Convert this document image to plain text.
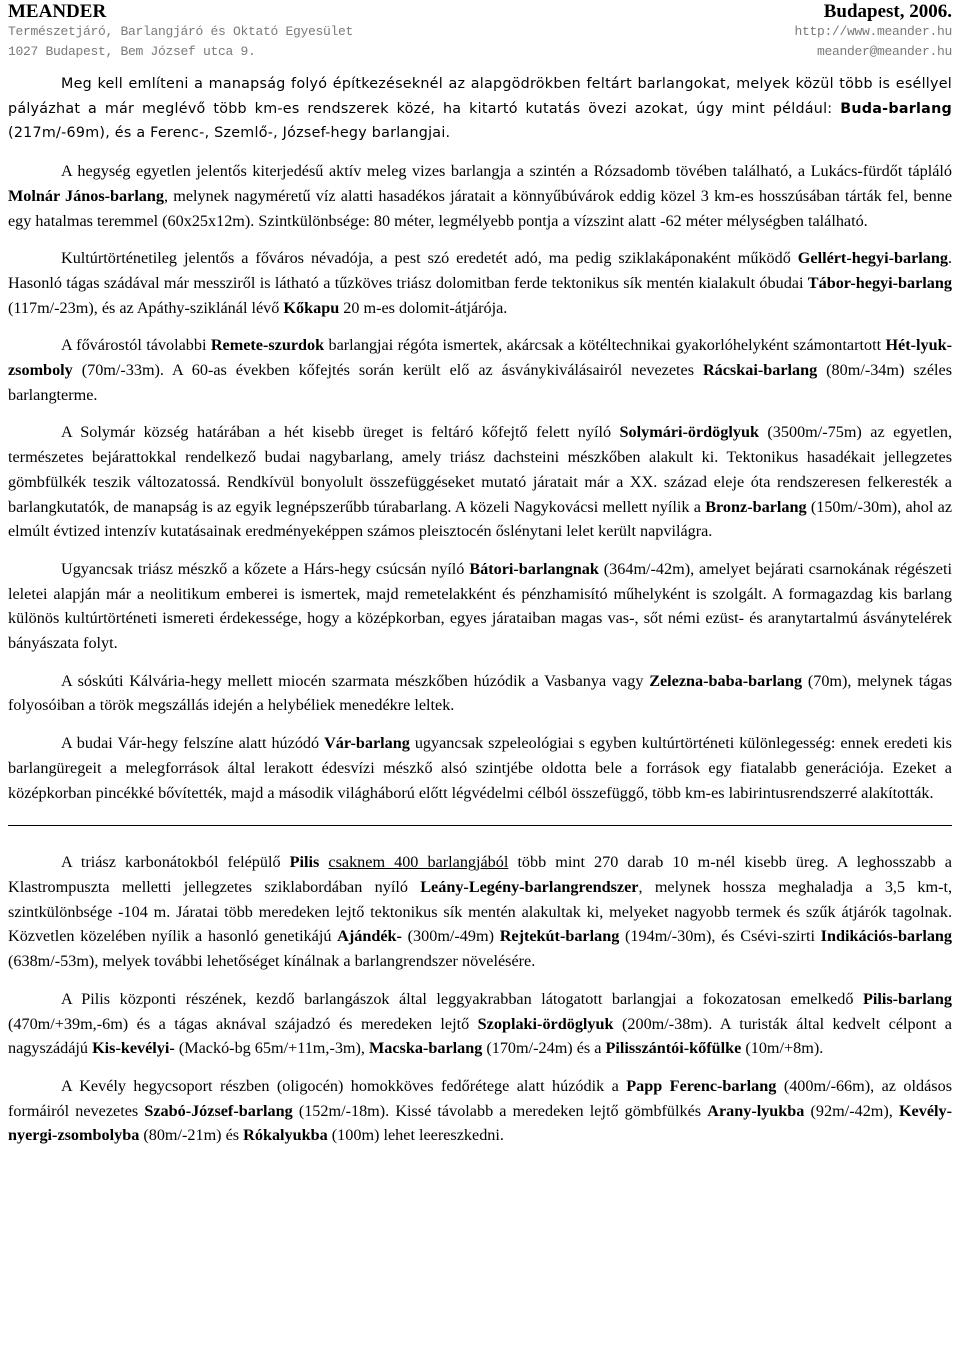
MEANDER
Természetjáró, Barlangjáró és Oktató Egyesület
1027 Budapest, Bem József utca 9.
Budapest, 2006.
http://www.meander.hu
meander@meander.hu

Meg kell említeni a manapság folyó építkezéseknél az alapgödrökben feltárt barlangokat, melyek közül több is eséllyel pályázhat a már meglévő több km-es rendszerek közé, ha kitartó kutatás övezi azokat, úgy mint például: Buda-barlang (217m/-69m), és a Ferenc-, Szemlő-, József-hegy barlangjai.

A hegység egyetlen jelentős kiterjedésű aktív meleg vizes barlangja a szintén a Rózsadomb tövében található, a Lukács-fürdőt tápláló Molnár János-barlang, melynek nagyméretű víz alatti hasadékos járatait a könnyűbúvárok eddig közel 3 km-es hosszúsában tárták fel, benne egy hatalmas teremmel (60x25x12m). Szintkülönbsége: 80 méter, legmélyebb pontja a vízszint alatt -62 méter mélységben található.

Kultúrtörténetileg jelentős a főváros névadója, a pest szó eredetét adó, ma pedig sziklakáponaként működő Gellért-hegyi-barlang. Hasonló tágas szádával már messziről is látható a tűzköves triász dolomitban ferde tektonikus sík mentén kialakult óbudai Tábor-hegyi-barlang (117m/-23m), és az Apáthy-sziklánál lévő Kőkapu 20 m-es dolomit-átjárója.

A fővárostól távolabbi Remete-szurdok barlangjai régóta ismertek, akárcsak a kötéltechnikai gyakorlóhelyként számontartott Hét-lyuk-zsomboly (70m/-33m). A 60-as években kőfejtés során került elő az ásványkiválásairól nevezetes Rácskai-barlang (80m/-34m) széles barlangterme.

A Solymár község határában a hét kisebb üreget is feltáró kőfejtő felett nyíló Solymári-ördöglyuk (3500m/-75m) az egyetlen, természetes bejárattokkal rendelkező budai nagybarlang, amely triász dachsteini mészkőben alakult ki. Tektonikus hasadékait jellegzetes gömbfülkék teszik változatossá. Rendkívül bonyolult összefüggéseket mutató járatait már a XX. század eleje óta rendszeresen felkeresték a barlangkutatók, de manapság is az egyik legnépszerűbb túrabarlang. A közeli Nagykovácsi mellett nyílik a Bronz-barlang (150m/-30m), ahol az elmúlt évtized intenzív kutatásainak eredményeképpen számos pleisztocén őslénytani lelet került napvilágra.

Ugyancsak triász mészkő a kőzete a Hárs-hegy csúcsán nyíló Bátori-barlangnak (364m/-42m), amelyet bejárati csarnokának régészeti leletei alapján már a neolitikum emberei is ismertek, majd remetelakként és pénzhamisító műhelyként is szolgált. A formagazdag kis barlang különös kultúrtörténeti ismereti érdekessége, hogy a középkorban, egyes járataiban magas vas-, sőt némi ezüst- és aranytartalmú ásványtelérek bányászata folyt.

A sóskúti Kálvária-hegy mellett miocén szarmata mészkőben húzódik a Vasbanya vagy Zelezna-baba-barlang (70m), melynek tágas folyosóiban a török megszállás idején a helybéliek menedékre leltek.

A budai Vár-hegy felszíne alatt húzódó Vár-barlang ugyancsak szpeleológiai s egyben kultúrtörténeti különlegesség: ennek eredeti kis barlangüregeit a melegforrások által lerakott édesvízi mészkő alsó szintjébe oldotta bele a források egy fiatalabb generációja. Ezeket a középkorban pincékké bővítették, majd a második világháború előtt légvédelmi célból összefüggő, több km-es labirintusrendszerré alakították.

A triász karbonátokból felépülő Pilis csaknem 400 barlangjából több mint 270 darab 10 m-nél kisebb üreg. A leghosszabb a Klastrompuszta melletti jellegzetes sziklabordában nyíló Leány-Legény-barlangrendszer, melynek hossza meghaladja a 3,5 km-t, szintkülönbsége -104 m. Járatai több meredeken lejtő tektonikus sík mentén alakultak ki, melyeket nagyobb termek és szűk átjárók tagolnak. Közvetlen közelében nyílik a hasonló genetikájú Ajándék- (300m/-49m) Rejtekút-barlang (194m/-30m), és Csévi-szirti Indikációs-barlang (638m/-53m), melyek további lehetőséget kínálnak a barlangrendszer növelésére.

A Pilis központi részének, kezdő barlangászok által leggyakrabban látogatott barlangjai a fokozatosan emelkedő Pilis-barlang (470m/+39m,-6m) és a tágas aknával szájadzó és meredeken lejtő Szoplaki-ördöglyuk (200m/-38m). A turisták által kedvelt célpont a nagyszádájú Kis-kevélyi- (Mackó-bg 65m/+11m,-3m), Macska-barlang (170m/-24m) és a Pilisszántói-kőfülke (10m/+8m).

A Kevély hegycsoport részben (oligocén) homokköves fedőrétege alatt húzódik a Papp Ferenc-barlang (400m/-66m), az oldásos formáiról nevezetes Szabó-József-barlang (152m/-18m). Kissé távolabb a meredeken lejtő gömbfülkés Arany-lyukba (92m/-42m), Kevély-nyergi-zsombolyba (80m/-21m) és Rókalyukba (100m) lehet leereszkedni.
